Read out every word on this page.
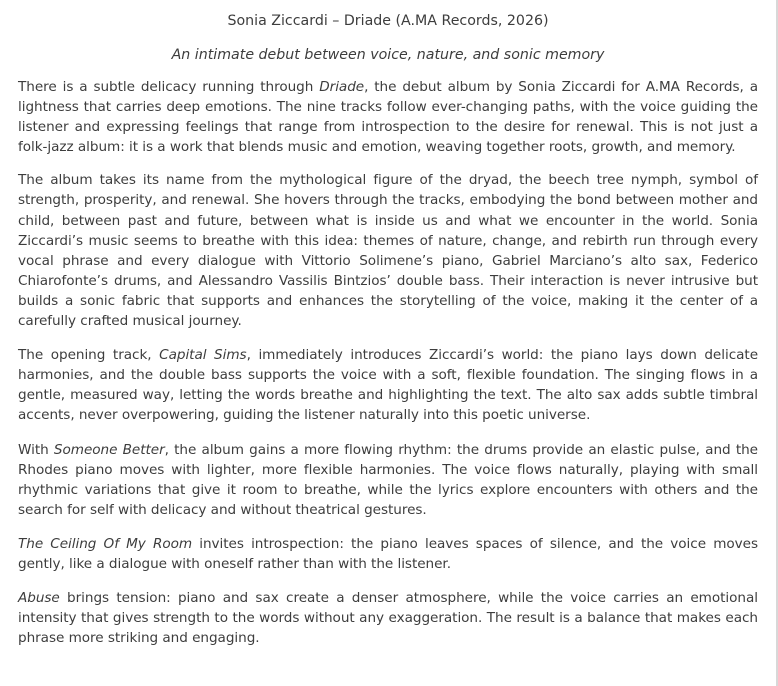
Sonia Ziccardi – Driade (A.MA Records, 2026)

An intimate debut between voice, nature, and sonic memory

There is a subtle delicacy running through Driade, the debut album by Sonia Ziccardi for A.MA Records, a lightness that carries deep emotions. The nine tracks follow ever-changing paths, with the voice guiding the listener and expressing feelings that range from introspection to the desire for renewal. This is not just a folk-jazz album: it is a work that blends music and emotion, weaving together roots, growth, and memory.

The album takes its name from the mythological figure of the dryad, the beech tree nymph, symbol of strength, prosperity, and renewal. She hovers through the tracks, embodying the bond between mother and child, between past and future, between what is inside us and what we encounter in the world. Sonia Ziccardi’s music seems to breathe with this idea: themes of nature, change, and rebirth run through every vocal phrase and every dialogue with Vittorio Solimene’s piano, Gabriel Marciano’s alto sax, Federico Chiarofonte’s drums, and Alessandro Vassilis Bintzios’ double bass. Their interaction is never intrusive but builds a sonic fabric that supports and enhances the storytelling of the voice, making it the center of a carefully crafted musical journey.

The opening track, Capital Sims, immediately introduces Ziccardi’s world: the piano lays down delicate harmonies, and the double bass supports the voice with a soft, flexible foundation. The singing flows in a gentle, measured way, letting the words breathe and highlighting the text. The alto sax adds subtle timbral accents, never overpowering, guiding the listener naturally into this poetic universe.

With Someone Better, the album gains a more flowing rhythm: the drums provide an elastic pulse, and the Rhodes piano moves with lighter, more flexible harmonies. The voice flows naturally, playing with small rhythmic variations that give it room to breathe, while the lyrics explore encounters with others and the search for self with delicacy and without theatrical gestures.

The Ceiling Of My Room invites introspection: the piano leaves spaces of silence, and the voice moves gently, like a dialogue with oneself rather than with the listener.

Abuse brings tension: piano and sax create a denser atmosphere, while the voice carries an emotional intensity that gives strength to the words without any exaggeration. The result is a balance that makes each phrase more striking and engaging.
